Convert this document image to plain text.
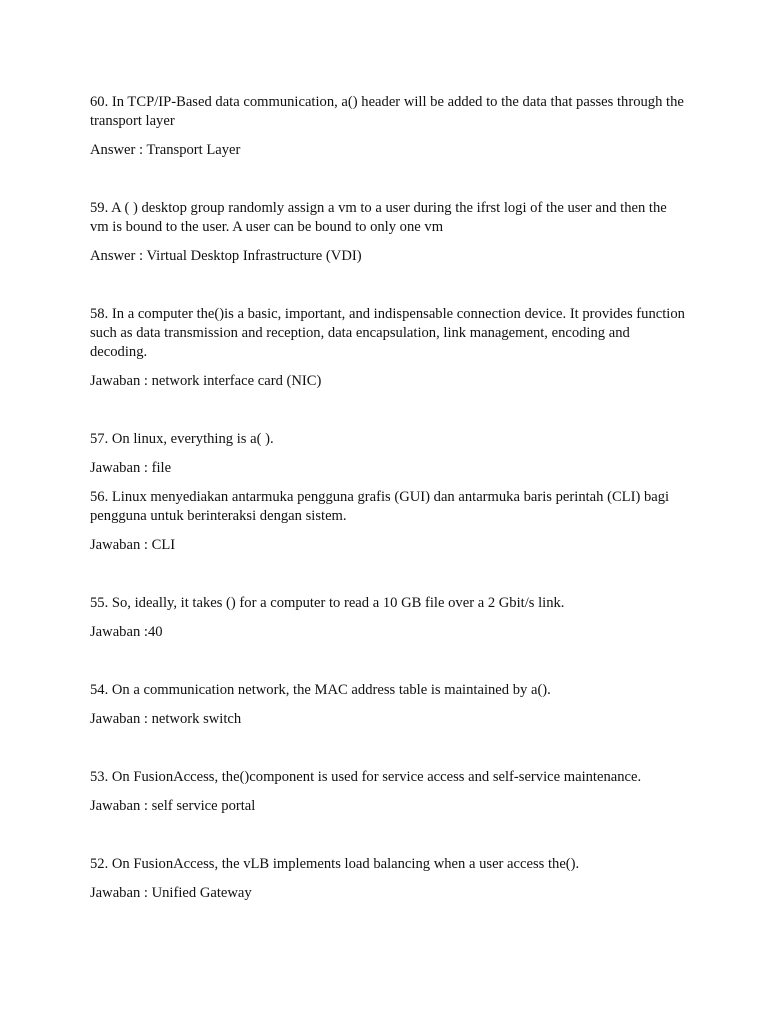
60. In TCP/IP-Based data communication, a() header will be added to the data that passes through the transport layer

Answer : Transport Layer

59. A ( ) desktop group randomly assign a vm to a user during the ifrst logi of the user and then the vm is bound to the user. A user can be bound to only one vm

Answer : Virtual Desktop Infrastructure (VDI)

58. In a computer the()is a basic, important, and indispensable connection device. It provides function such as data transmission and reception, data encapsulation, link management, encoding and decoding.

Jawaban : network interface card (NIC)

57. On linux, everything is a( ).

Jawaban : file

56. Linux menyediakan antarmuka pengguna grafis (GUI) dan antarmuka baris perintah (CLI) bagi pengguna untuk berinteraksi dengan sistem.

Jawaban : CLI

55. So, ideally, it takes () for a computer to read a 10 GB file over a 2 Gbit/s link.

Jawaban :40

54. On a communication network, the MAC address table is maintained by a().

Jawaban : network switch

53. On FusionAccess, the()component is used for service access and self-service maintenance.

Jawaban : self service portal

52. On FusionAccess, the vLB implements load balancing when a user access the().

Jawaban : Unified Gateway
